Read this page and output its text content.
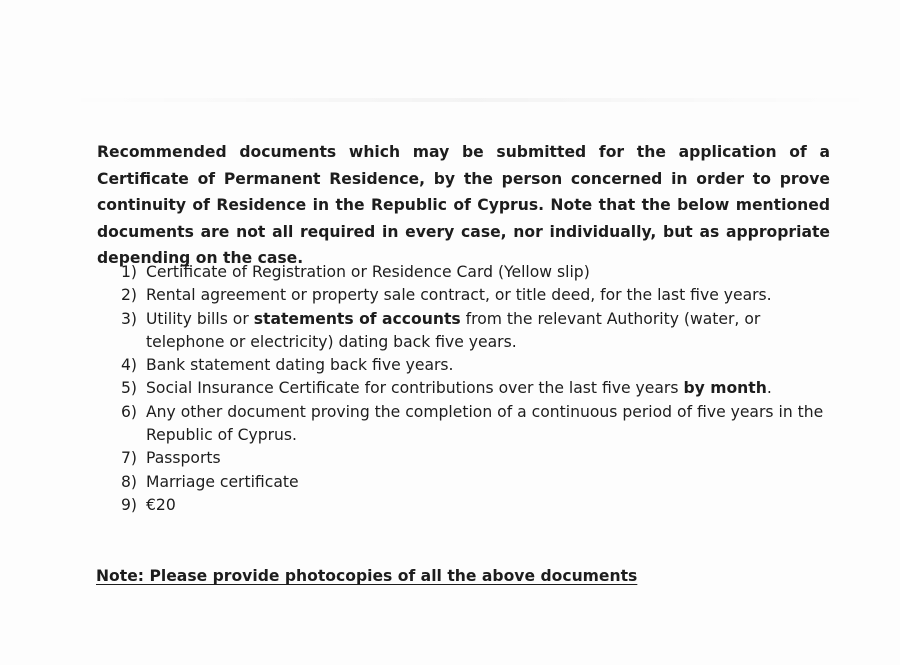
Recommended documents which may be submitted for the application of a Certificate of Permanent Residence, by the person concerned in order to prove continuity of Residence in the Republic of Cyprus. Note that the below mentioned documents are not all required in every case, nor individually, but as appropriate depending on the case.

1) Certificate of Registration or Residence Card (Yellow slip)
2) Rental agreement or property sale contract, or title deed, for the last five years.
3) Utility bills or statements of accounts from the relevant Authority (water, or telephone or electricity) dating back five years.
4) Bank statement dating back five years.
5) Social Insurance Certificate for contributions over the last five years by month.
6) Any other document proving the completion of a continuous period of five years in the Republic of Cyprus.
7) Passports
8) Marriage certificate
9) €20

Note: Please provide photocopies of all the above documents
